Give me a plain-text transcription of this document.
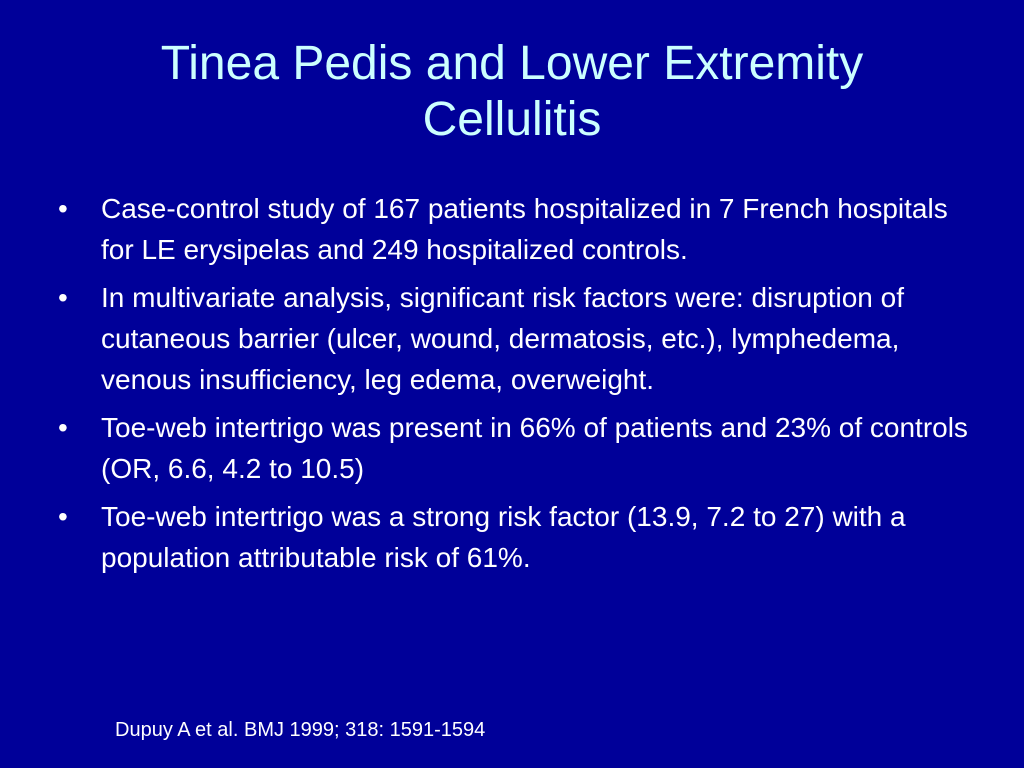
Tinea Pedis and Lower Extremity
Cellulitis
• Case-control study of 167 patients hospitalized in 7 French hospitals for LE erysipelas and 249 hospitalized controls.
• In multivariate analysis, significant risk factors were: disruption of cutaneous barrier (ulcer, wound, dermatosis, etc.), lymphedema, venous insufficiency, leg edema, overweight.
• Toe-web intertrigo was present in 66% of patients and 23% of controls (OR, 6.6, 4.2 to 10.5)
• Toe-web intertrigo was a strong risk factor (13.9, 7.2 to 27) with a population attributable risk of 61%.
Dupuy A et al. BMJ 1999; 318: 1591-1594
